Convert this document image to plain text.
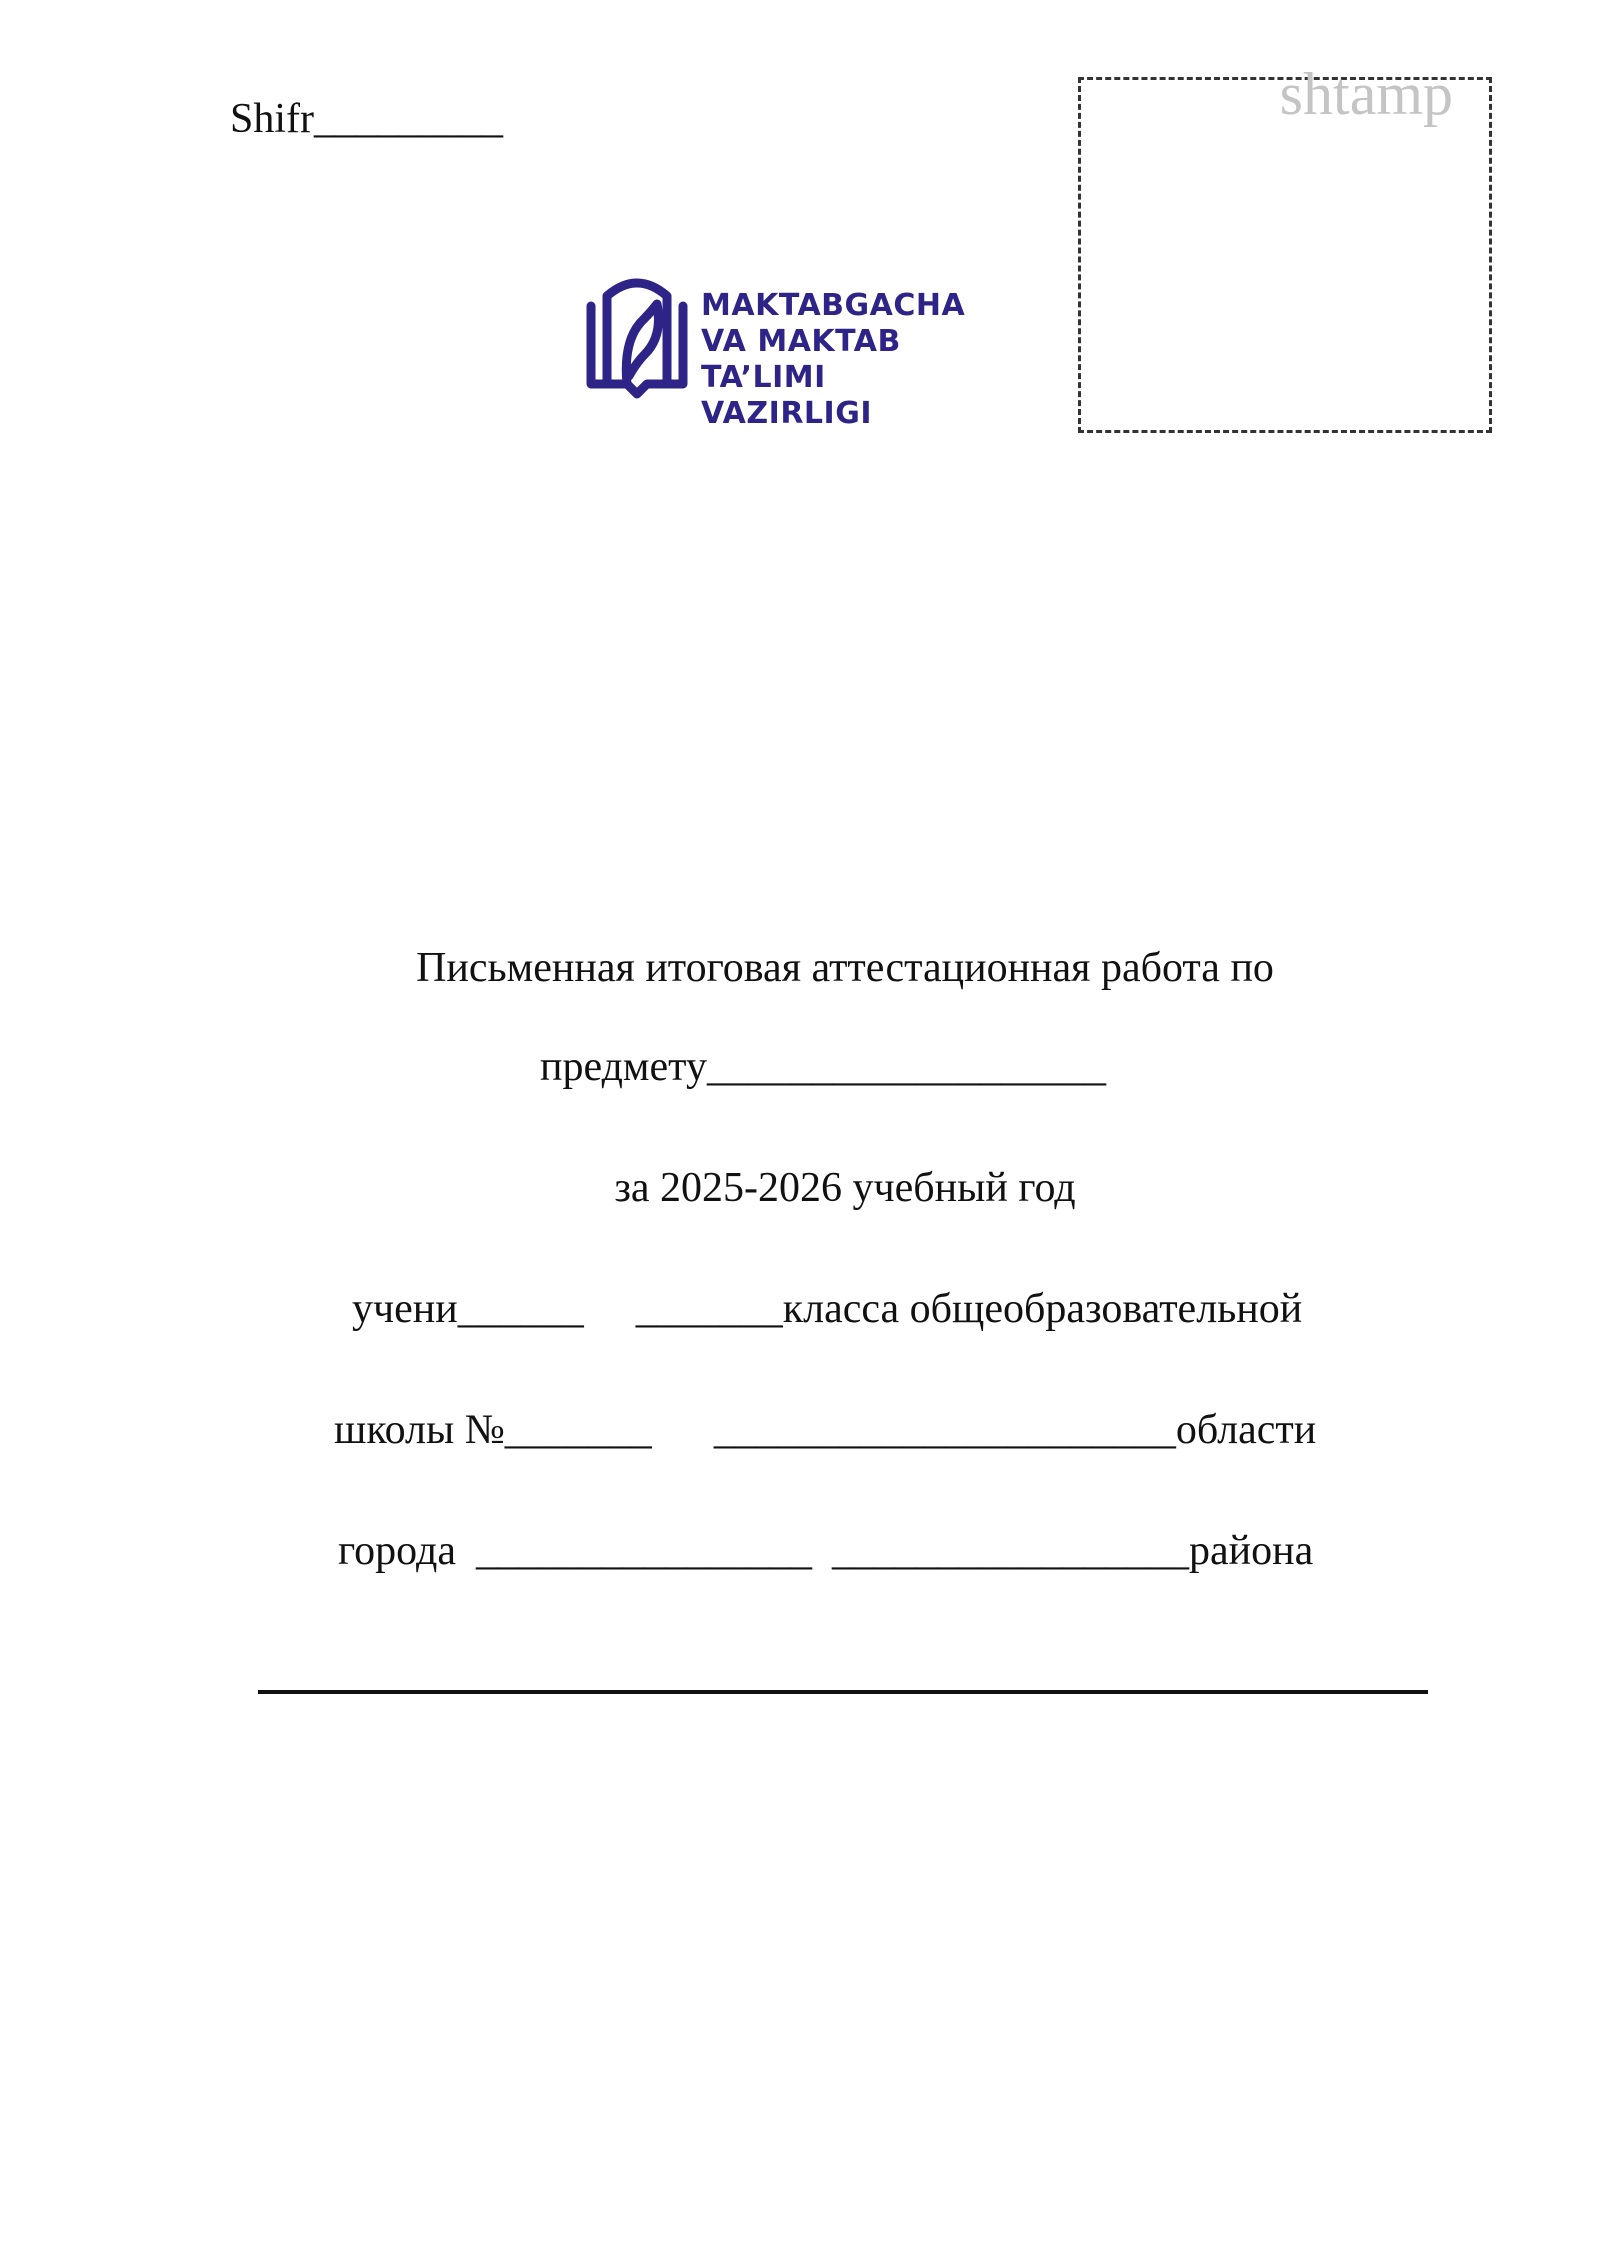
Shifr_________	shtamp
MAKTABGACHA
VA MAKTAB
TA’LIMI VAZIRLIGI
Письменная итоговая аттестационная работа по
предмету___________________
за 2025-2026 учебный год
учени______ _______класса общеобразовательной
школы №_______ ______________________области
города ________________ _________________района
